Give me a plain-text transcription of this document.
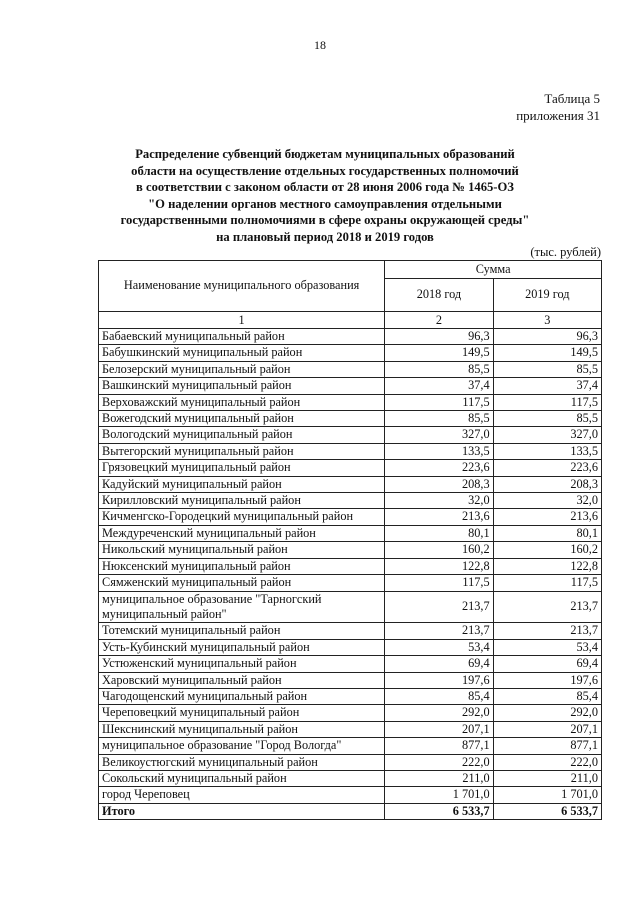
18
Таблица 5
приложения 31
Распределение субвенций бюджетам муниципальных образований
области на осуществление отдельных государственных полномочий
в соответствии с законом области от 28 июня 2006 года № 1465-ОЗ
"О наделении органов местного самоуправления отдельными
государственными полномочиями в сфере охраны окружающей среды"
на плановый период 2018 и 2019 годов
(тыс. рублей)
Наименование муниципального образования	Сумма	
	2018 год	2019 год
1	2	3
Бабаевский муниципальный район	96,3	96,3
Бабушкинский муниципальный район	149,5	149,5
Белозерский муниципальный район	85,5	85,5
Вашкинский муниципальный район	37,4	37,4
Верховажский муниципальный район	117,5	117,5
Вожегодский муниципальный район	85,5	85,5
Вологодский муниципальный район	327,0	327,0
Вытегорский муниципальный район	133,5	133,5
Грязовецкий муниципальный район	223,6	223,6
Кадуйский муниципальный район	208,3	208,3
Кирилловский муниципальный район	32,0	32,0
Кичменгско-Городецкий муниципальный район	213,6	213,6
Междуреченский муниципальный район	80,1	80,1
Никольский муниципальный район	160,2	160,2
Нюксенский муниципальный район	122,8	122,8
Сямженский муниципальный район	117,5	117,5
муниципальное образование "Тарногский муниципальный район"	213,7	213,7
Тотемский муниципальный район	213,7	213,7
Усть-Кубинский муниципальный район	53,4	53,4
Устюженский муниципальный район	69,4	69,4
Харовский муниципальный район	197,6	197,6
Чагодощенский муниципальный район	85,4	85,4
Череповецкий муниципальный район	292,0	292,0
Шекснинский муниципальный район	207,1	207,1
муниципальное образование "Город Вологда"	877,1	877,1
Великоустюгский муниципальный район	222,0	222,0
Сокольский муниципальный район	211,0	211,0
город Череповец	1 701,0	1 701,0
Итого	6 533,7	6 533,7
